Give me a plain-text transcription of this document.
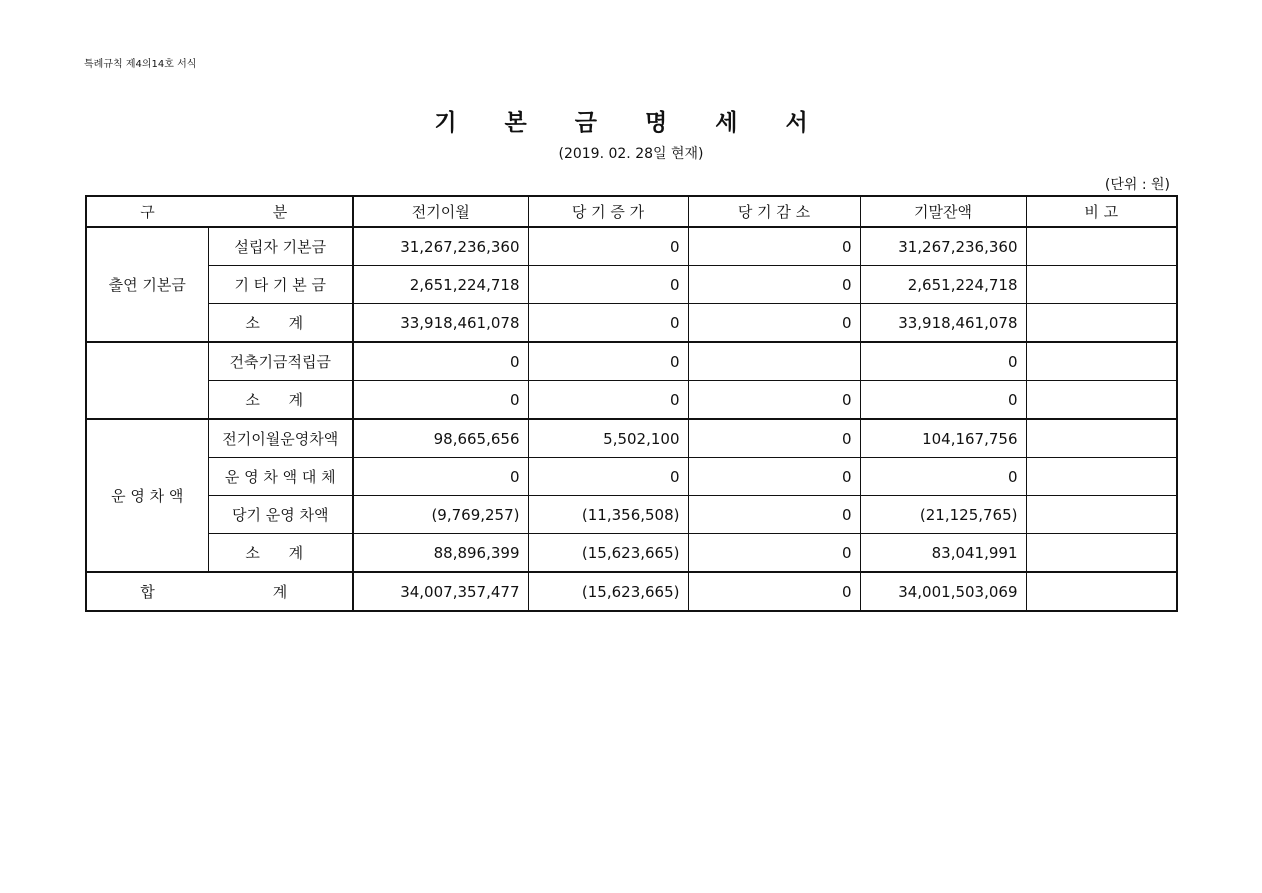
특례규칙 제4의14호 서식
기 본 금 명 세 서
(2019. 02. 28일 현재)
(단위 : 원)
구	분	전기이월	당 기 증 가	당 기 감 소	기말잔액	비 고
출연 기본금	설립자 기본금	31,267,236,360	0	0	31,267,236,360	
	기 타 기 본 금	2,651,224,718	0	0	2,651,224,718	
	소 계	33,918,461,078	0	0	33,918,461,078	
	건축기금적립금	0	0		0	
	소 계	0	0	0	0	
운 영 차 액	전기이월운영차액	98,665,656	5,502,100	0	104,167,756	
	운 영 차 액 대 체	0	0	0	0	
	당기 운영 차액	(9,769,257)	(11,356,508)	0	(21,125,765)	
	소 계	88,896,399	(15,623,665)	0	83,041,991	
합	계	34,007,357,477	(15,623,665)	0	34,001,503,069	
